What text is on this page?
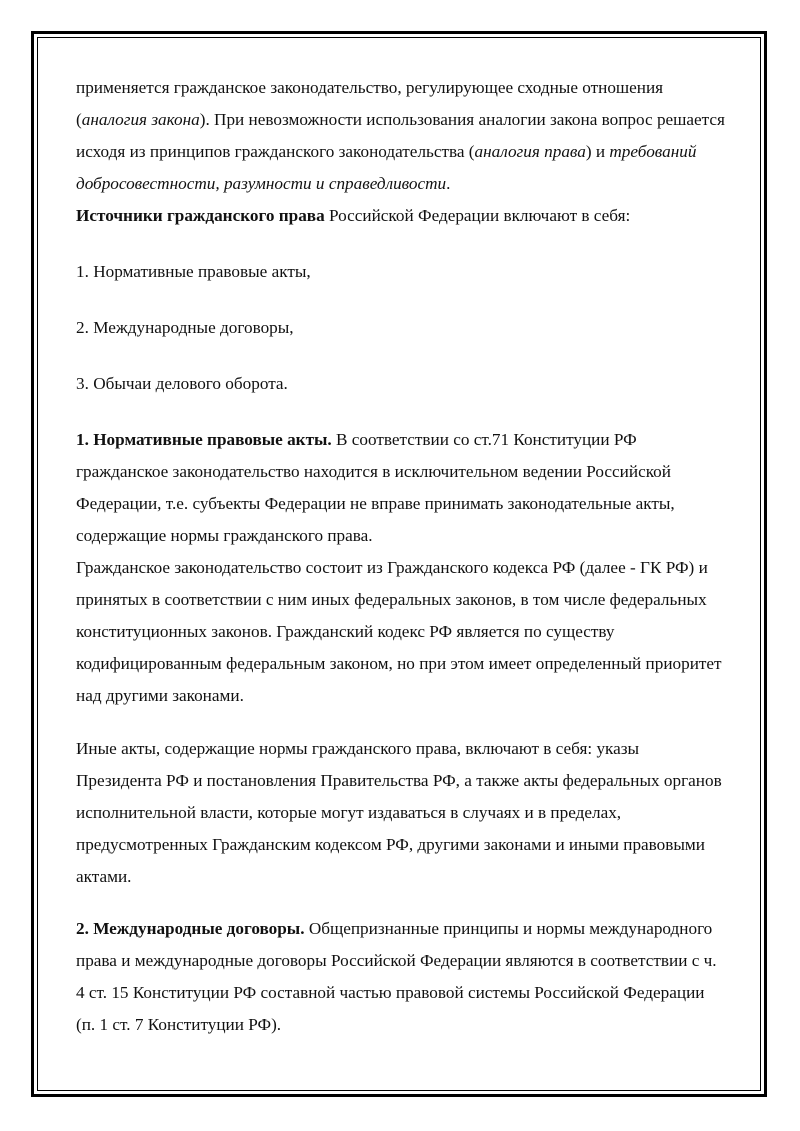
применяется гражданское законодательство, регулирующее сходные отношения (аналогия закона). При невозможности использования аналогии закона вопрос решается исходя из принципов гражданского законодательства (аналогия права) и требований добросовестности, разумности и справедливости.

Источники гражданского права Российской Федерации включают в себя:

1. Нормативные правовые акты,

2. Международные договоры,

3. Обычаи делового оборота.

1. Нормативные правовые акты. В соответствии со ст.71 Конституции РФ гражданское законодательство находится в исключительном ведении Российской Федерации, т.е. субъекты Федерации не вправе принимать законодательные акты, содержащие нормы гражданского права.

Гражданское законодательство состоит из Гражданского кодекса РФ (далее - ГК РФ) и принятых в соответствии с ним иных федеральных законов, в том числе федеральных конституционных законов. Гражданский кодекс РФ является по существу кодифицированным федеральным законом, но при этом имеет определенный приоритет над другими законами.

Иные акты, содержащие нормы гражданского права, включают в себя: указы Президента РФ и постановления Правительства РФ, а также акты федеральных органов исполнительной власти, которые могут издаваться в случаях и в пределах, предусмотренных Гражданским кодексом РФ, другими законами и иными правовыми актами.

2. Международные договоры. Общепризнанные принципы и нормы международного права и международные договоры Российской Федерации являются в соответствии с ч. 4 ст. 15 Конституции РФ составной частью правовой системы Российской Федерации (п. 1 ст. 7 Конституции РФ).
